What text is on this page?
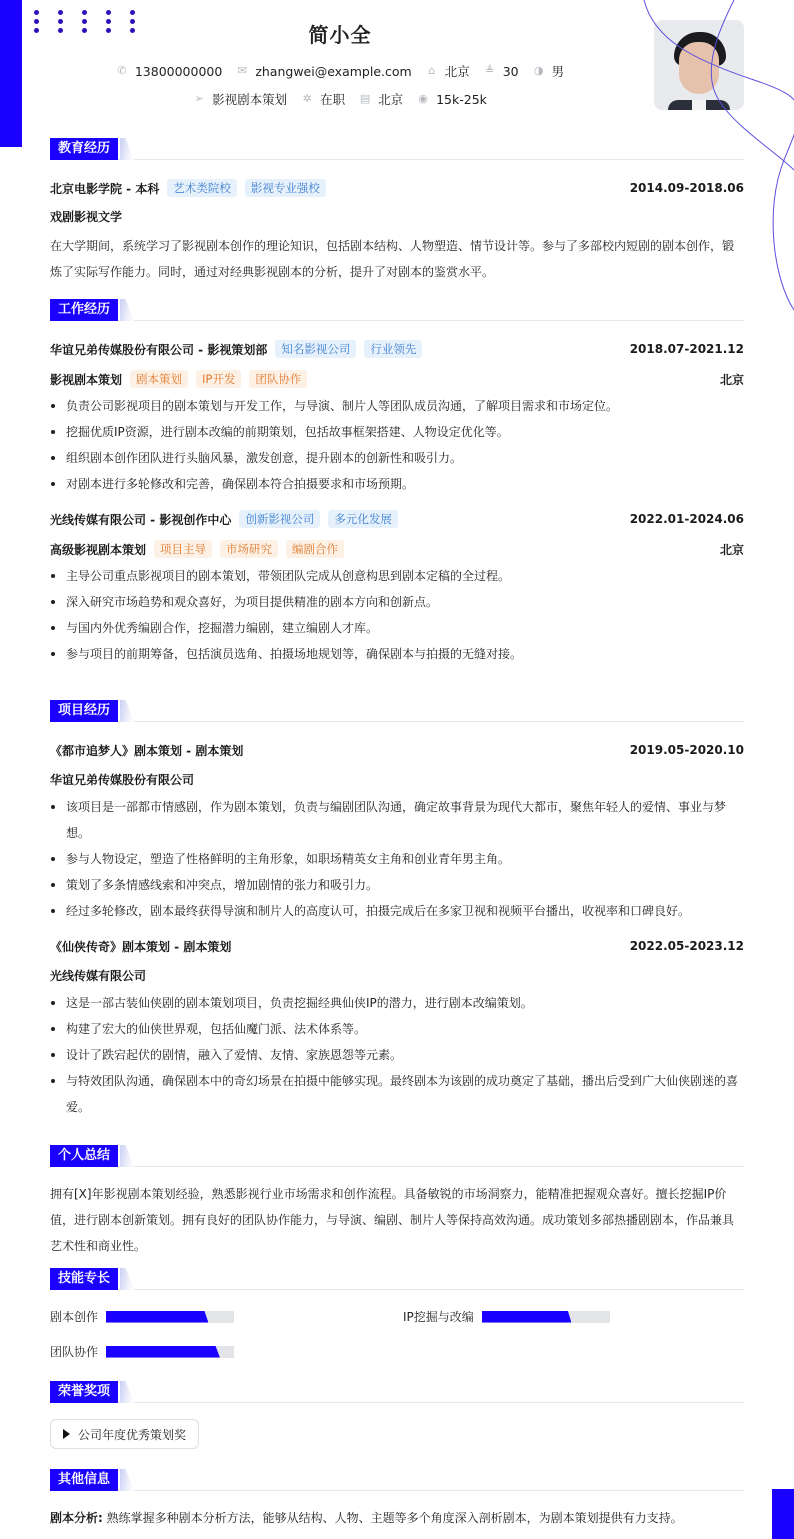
简小全
✆ 13800000000 ✉ zhangwei@example.com ⌂ 北京 ≜ 30 ◑ 男
➢ 影视剧本策划 ✲ 在职 ▤ 北京 ◉ 15k-25k
教育经历
北京电影学院 - 本科	艺术类院校	影视专业强校	2014.09-2018.06
戏剧影视文学
在大学期间，系统学习了影视剧本创作的理论知识，包括剧本结构、人物塑造、情节设计等。参与了多部校内短剧的剧本创作，锻炼了实际写作能力。同时，通过对经典影视剧本的分析，提升了对剧本的鉴赏水平。
工作经历
华谊兄弟传媒股份有限公司 - 影视策划部	知名影视公司	行业领先	2018.07-2021.12
影视剧本策划	剧本策划	IP开发	团队协作	北京
负责公司影视项目的剧本策划与开发工作，与导演、制片人等团队成员沟通，了解项目需求和市场定位。
挖掘优质IP资源，进行剧本改编的前期策划，包括故事框架搭建、人物设定优化等。
组织剧本创作团队进行头脑风暴，激发创意，提升剧本的创新性和吸引力。
对剧本进行多轮修改和完善，确保剧本符合拍摄要求和市场预期。
光线传媒有限公司 - 影视创作中心	创新影视公司	多元化发展	2022.01-2024.06
高级影视剧本策划	项目主导	市场研究	编剧合作	北京
主导公司重点影视项目的剧本策划，带领团队完成从创意构思到剧本定稿的全过程。
深入研究市场趋势和观众喜好，为项目提供精准的剧本方向和创新点。
与国内外优秀编剧合作，挖掘潜力编剧，建立编剧人才库。
参与项目的前期筹备，包括演员选角、拍摄场地规划等，确保剧本与拍摄的无缝对接。
项目经历
《都市追梦人》剧本策划 - 剧本策划	2019.05-2020.10
华谊兄弟传媒股份有限公司
该项目是一部都市情感剧，作为剧本策划，负责与编剧团队沟通，确定故事背景为现代大都市，聚焦年轻人的爱情、事业与梦想。
参与人物设定，塑造了性格鲜明的主角形象，如职场精英女主角和创业青年男主角。
策划了多条情感线索和冲突点，增加剧情的张力和吸引力。
经过多轮修改，剧本最终获得导演和制片人的高度认可，拍摄完成后在多家卫视和视频平台播出，收视率和口碑良好。
《仙侠传奇》剧本策划 - 剧本策划	2022.05-2023.12
光线传媒有限公司
这是一部古装仙侠剧的剧本策划项目，负责挖掘经典仙侠IP的潜力，进行剧本改编策划。
构建了宏大的仙侠世界观，包括仙魔门派、法术体系等。
设计了跌宕起伏的剧情，融入了爱情、友情、家族恩怨等元素。
与特效团队沟通，确保剧本中的奇幻场景在拍摄中能够实现。最终剧本为该剧的成功奠定了基础，播出后受到广大仙侠剧迷的喜爱。
个人总结
拥有[X]年影视剧本策划经验，熟悉影视行业市场需求和创作流程。具备敏锐的市场洞察力，能精准把握观众喜好。擅长挖掘IP价值，进行剧本创新策划。拥有良好的团队协作能力，与导演、编剧、制片人等保持高效沟通。成功策划多部热播剧剧本，作品兼具艺术性和商业性。
技能专长
剧本创作	IP挖掘与改编
团队协作
荣誉奖项
公司年度优秀策划奖
其他信息
剧本分析: 熟练掌握多种剧本分析方法，能够从结构、人物、主题等多个角度深入剖析剧本，为剧本策划提供有力支持。
